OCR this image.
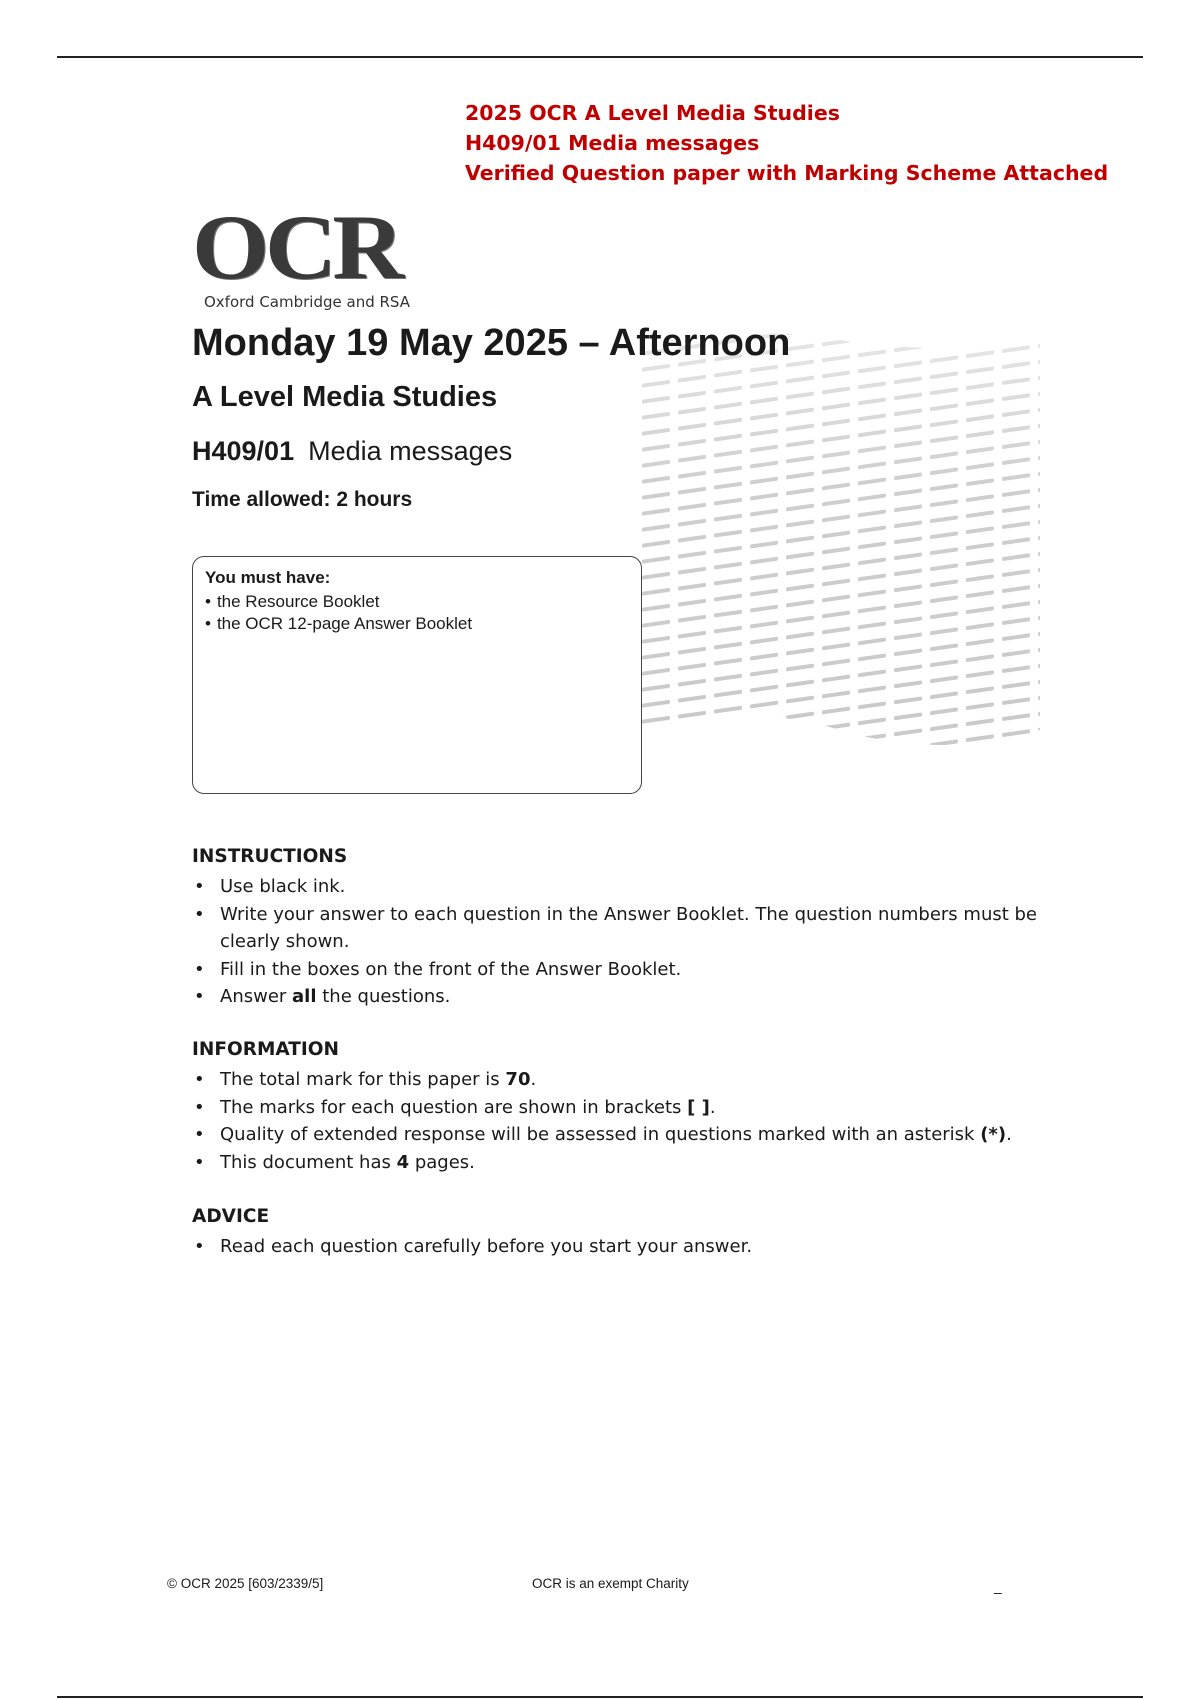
2025 OCR A Level Media Studies
H409/01 Media messages
Verified Question paper with Marking Scheme Attached
OCR
Oxford Cambridge and RSA
Monday 19 May 2025 – Afternoon
A Level Media Studies
H409/01 Media messages
Time allowed: 2 hours
You must have:
• the Resource Booklet
• the OCR 12-page Answer Booklet
INSTRUCTIONS
• Use black ink.
• Write your answer to each question in the Answer Booklet. The question numbers must be clearly shown.
• Fill in the boxes on the front of the Answer Booklet.
• Answer all the questions.
INFORMATION
• The total mark for this paper is 70.
• The marks for each question are shown in brackets [ ].
• Quality of extended response will be assessed in questions marked with an asterisk (*).
• This document has 4 pages.
ADVICE
• Read each question carefully before you start your answer.
© OCR 2025 [603/2339/5]	OCR is an exempt Charity
–
